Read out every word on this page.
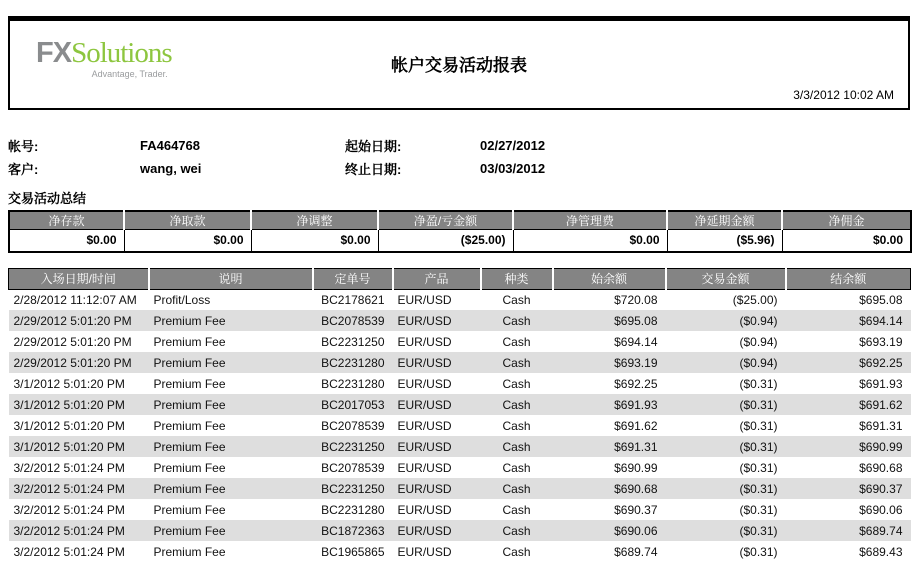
FXSolutions
Advantage, Trader.	帐户交易活动报表
3/3/2012 10:02 AM
帐号:	FA464768	起始日期:	02/27/2012
客户:	wang, wei	终止日期:	03/03/2012
交易活动总结
净存款	净取款	净调整	净盈/亏金额	净管理费	净延期金额	净佣金
$0.00	$0.00	$0.00	($25.00)	$0.00	($5.96)	$0.00
入场日期/时间	说明	定单号	产品	种类	始余额	交易金额	结余额
2/28/2012 11:12:07 AM	Profit/Loss	BC2178621	EUR/USD	Cash	$720.08	($25.00)	$695.08
2/29/2012 5:01:20 PM	Premium Fee	BC2078539	EUR/USD	Cash	$695.08	($0.94)	$694.14
2/29/2012 5:01:20 PM	Premium Fee	BC2231250	EUR/USD	Cash	$694.14	($0.94)	$693.19
2/29/2012 5:01:20 PM	Premium Fee	BC2231280	EUR/USD	Cash	$693.19	($0.94)	$692.25
3/1/2012 5:01:20 PM	Premium Fee	BC2231280	EUR/USD	Cash	$692.25	($0.31)	$691.93
3/1/2012 5:01:20 PM	Premium Fee	BC2017053	EUR/USD	Cash	$691.93	($0.31)	$691.62
3/1/2012 5:01:20 PM	Premium Fee	BC2078539	EUR/USD	Cash	$691.62	($0.31)	$691.31
3/1/2012 5:01:20 PM	Premium Fee	BC2231250	EUR/USD	Cash	$691.31	($0.31)	$690.99
3/2/2012 5:01:24 PM	Premium Fee	BC2078539	EUR/USD	Cash	$690.99	($0.31)	$690.68
3/2/2012 5:01:24 PM	Premium Fee	BC2231250	EUR/USD	Cash	$690.68	($0.31)	$690.37
3/2/2012 5:01:24 PM	Premium Fee	BC2231280	EUR/USD	Cash	$690.37	($0.31)	$690.06
3/2/2012 5:01:24 PM	Premium Fee	BC1872363	EUR/USD	Cash	$690.06	($0.31)	$689.74
3/2/2012 5:01:24 PM	Premium Fee	BC1965865	EUR/USD	Cash	$689.74	($0.31)	$689.43
